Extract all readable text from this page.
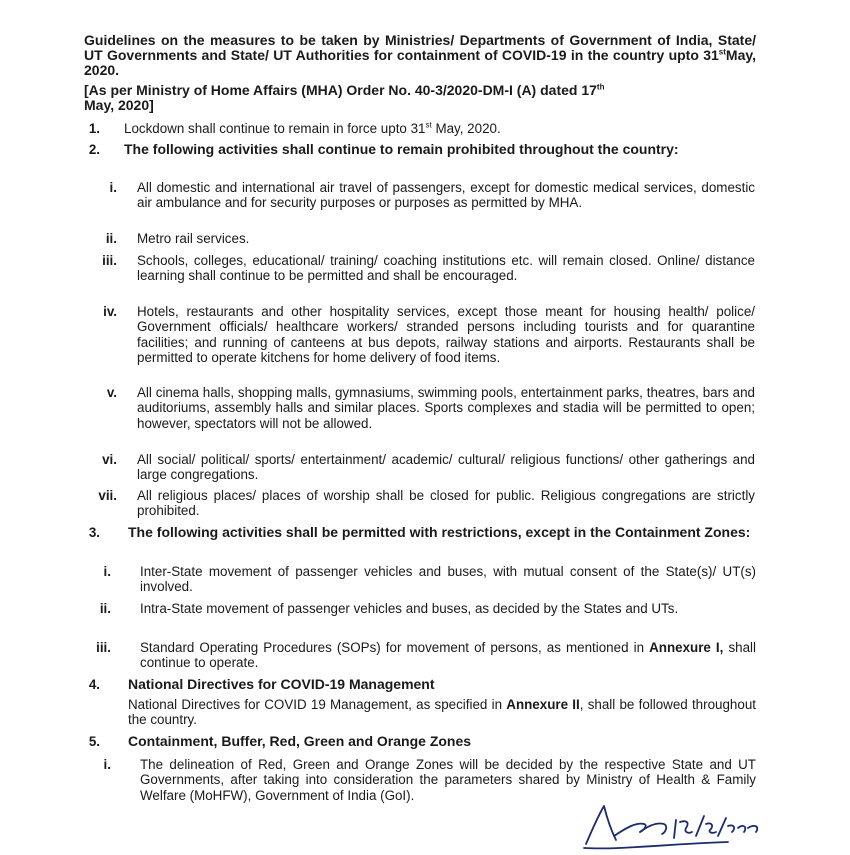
Guidelines on the measures to be taken by Ministries/ Departments of Government of India, State/ UT Governments and State/ UT Authorities for containment of COVID-19 in the country upto 31stMay, 2020.
[As per Ministry of Home Affairs (MHA) Order No. 40-3/2020-DM-I (A) dated 17th
May, 2020]
1. Lockdown shall continue to remain in force upto 31st May, 2020.
2. The following activities shall continue to remain prohibited throughout the country:
i. All domestic and international air travel of passengers, except for domestic medical services, domestic air ambulance and for security purposes or purposes as permitted by MHA.
ii. Metro rail services.
iii. Schools, colleges, educational/ training/ coaching institutions etc. will remain closed. Online/ distance learning shall continue to be permitted and shall be encouraged.
iv. Hotels, restaurants and other hospitality services, except those meant for housing health/ police/ Government officials/ healthcare workers/ stranded persons including tourists and for quarantine facilities; and running of canteens at bus depots, railway stations and airports. Restaurants shall be permitted to operate kitchens for home delivery of food items.
v. All cinema halls, shopping malls, gymnasiums, swimming pools, entertainment parks, theatres, bars and auditoriums, assembly halls and similar places. Sports complexes and stadia will be permitted to open; however, spectators will not be allowed.
vi. All social/ political/ sports/ entertainment/ academic/ cultural/ religious functions/ other gatherings and large congregations.
vii. All religious places/ places of worship shall be closed for public. Religious congregations are strictly prohibited.
3. The following activities shall be permitted with restrictions, except in the Containment Zones:
i. Inter-State movement of passenger vehicles and buses, with mutual consent of the State(s)/ UT(s) involved.
ii. Intra-State movement of passenger vehicles and buses, as decided by the States and UTs.
iii. Standard Operating Procedures (SOPs) for movement of persons, as mentioned in Annexure I, shall continue to operate.
4. National Directives for COVID-19 Management
National Directives for COVID 19 Management, as specified in Annexure II, shall be followed throughout the country.
5. Containment, Buffer, Red, Green and Orange Zones
i. The delineation of Red, Green and Orange Zones will be decided by the respective State and UT Governments, after taking into consideration the parameters shared by Ministry of Health & Family Welfare (MoHFW), Government of India (GoI).
